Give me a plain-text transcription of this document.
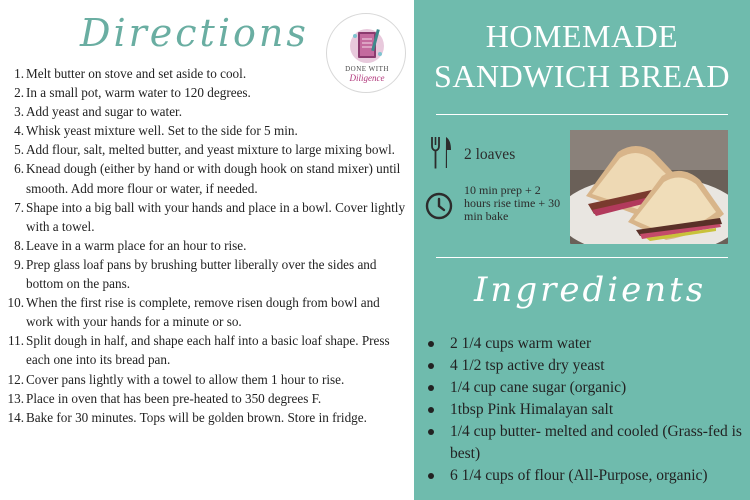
Directions
DONE WITH
Diligence
1. Melt butter on stove and set aside to cool.
2. In a small pot, warm water to 120 degrees.
3. Add yeast and sugar to water.
4. Whisk yeast mixture well. Set to the side for 5 min.
5. Add flour, salt, melted butter, and yeast mixture to large mixing bowl.
6. Knead dough (either by hand or with dough hook on stand mixer) until smooth. Add more flour or water, if needed.
7. Shape into a big ball with your hands and place in a bowl. Cover lightly with a towel.
8. Leave in a warm place for an hour to rise.
9. Prep glass loaf pans by brushing butter liberally over the sides and bottom on the pans.
10. When the first rise is complete, remove risen dough from bowl and work with your hands for a minute or so.
11. Split dough in half, and shape each half into a basic loaf shape. Press each one into its bread pan.
12. Cover pans lightly with a towel to allow them 1 hour to rise.
13. Place in oven that has been pre-heated to 350 degrees F.
14. Bake for 30 minutes. Tops will be golden brown. Store in fridge.
HOMEMADE
SANDWICH BREAD
2 loaves
10 min prep + 2 hours rise time + 30 min bake
Ingredients
2 1/4 cups warm water
4 1/2 tsp active dry yeast
1/4 cup cane sugar (organic)
1tbsp Pink Himalayan salt
1/4 cup butter- melted and cooled (Grass-fed is best)
6 1/4 cups of flour (All-Purpose, organic)
